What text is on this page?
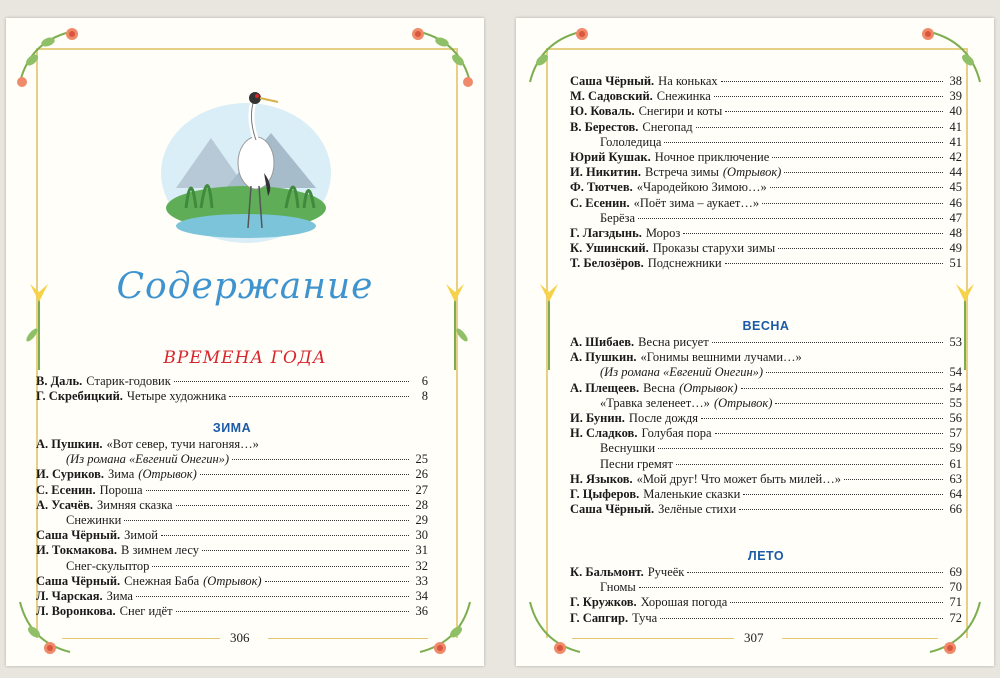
Содержание
ВРЕМЕНА ГОДА
В. Даль. Старик-годовик	6
Г. Скребицкий. Четыре художника	8
ЗИМА
А. Пушкин. «Вот север, тучи нагоняя…»
(Из романа «Евгений Онегин»)	25
И. Суриков. Зима (Отрывок)	26
С. Есенин. Пороша	27
А. Усачёв. Зимняя сказка	28
Снежинки	29
Саша Чёрный. Зимой	30
И. Токмакова. В зимнем лесу	31
Снег-скульптор	32
Саша Чёрный. Снежная Баба (Отрывок)	33
Л. Чарская. Зима	34
Л. Воронкова. Снег идёт	36
306
Саша Чёрный. На коньках	38
М. Садовский. Снежинка	39
Ю. Коваль. Снегири и коты	40
В. Берестов. Снегопад	41
Гололедица	41
Юрий Кушак. Ночное приключение	42
И. Никитин. Встреча зимы (Отрывок)	44
Ф. Тютчев. «Чародейкою Зимою…»	45
С. Есенин. «Поёт зима – аукает…»	46
Берёза	47
Г. Лагздынь. Мороз	48
К. Ушинский. Проказы старухи зимы	49
Т. Белозёров. Подснежники	51
ВЕСНА
А. Шибаев. Весна рисует	53
А. Пушкин. «Гонимы вешними лучами…»
(Из романа «Евгений Онегин»)	54
А. Плещеев. Весна (Отрывок)	54
«Травка зеленеет…» (Отрывок)	55
И. Бунин. После дождя	56
Н. Сладков. Голубая пора	57
Веснушки	59
Песни гремят	61
Н. Языков. «Мой друг! Что может быть милей…»	63
Г. Цыферов. Маленькие сказки	64
Саша Чёрный. Зелёные стихи	66
ЛЕТО
К. Бальмонт. Ручеёк	69
Гномы	70
Г. Кружков. Хорошая погода	71
Г. Сапгир. Туча	72
307
